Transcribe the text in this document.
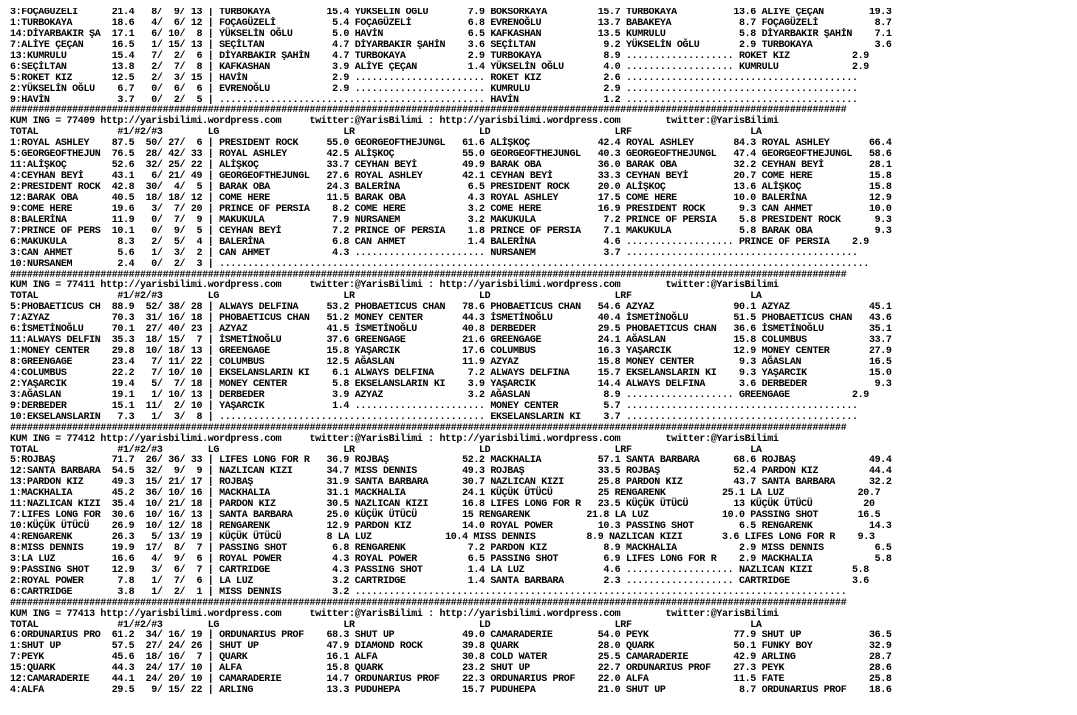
3:FOÇAGÜZELİ      21.4   8/  9/ 13 | TURBOKAYA          15.4 YÜKSELİN OĞLU       7.9 BOKSÖRKAYA         15.7 TURBOKAYA          13.6 ALİYE ÇEÇAN        19.3
1:TURBOKAYA       18.6   4/  6/ 12 | FOÇAGÜZELİ          5.4 FOÇAGÜZELİ          6.8 EVRENOĞLU          13.7 BABAKEYA            8.7 FOÇAGÜZELİ          8.7
14:DİYARBAKIR ŞA  17.1   6/ 10/  8 | YÜKSELİN OĞLU       5.0 HAVİN               6.5 KAFKASHAN          13.5 KUMRULU             5.8 DİYARBAKIR ŞAHİN    7.1
7:ALİYE ÇEÇAN     16.5   1/ 15/ 13 | SEÇİLTAN            4.7 DİYARBAKIR ŞAHİN    3.6 SEÇİLTAN            9.2 YÜKSELİN OĞLU       2.9 TURBOKAYA           3.6
13:KUMRULU        15.4   7/  2/  6 | DİYARBAKIR ŞAHİN    4.7 TURBOKAYA           2.9 TURBOKAYA           8.9 ................... ROKET KIZ           2.9
6:SEÇİLTAN        13.8   2/  7/  8 | KAFKASHAN           3.9 ALİYE ÇEÇAN         1.4 YÜKSELİN OĞLU       4.0 ................... KUMRULU             2.9
5:ROKET KIZ       12.5   2/  3/ 15 | HAVİN               2.9 ....................... ROKET KIZ           2.6 .........................................
2:YÜKSELİN OĞLU    6.7   0/  6/  6 | EVRENOĞLU           2.9 ....................... KUMRULU             2.9 .........................................
9:HAVİN            3.7   0/  2/  5 | ............................................... HAVİN               1.2 .........................................
####################################################################################################################################################
KUM ING = 77409 http://yarisbilimi.wordpress.com     twitter:@YarisBilimi : http://yarisbilimi.wordpress.com        twitter:@YarisBilimi
TOTAL              #1/#2/#3        LG                      LR                      LD                      LRF                     LA
1:ROYAL ASHLEY    87.5  50/ 27/  6 | PRESIDENT ROCK     55.0 GEORGEOFTHEJUNGL   61.6 ALİŞKOÇ            42.4 ROYAL ASHLEY       84.3 ROYAL ASHLEY       66.4
5:GEORGEOFTHEJUN  76.5  28/ 42/ 33 | ROYAL ASHLEY       42.5 ALİŞKOÇ            55.0 GEORGEOFTHEJUNGL   40.3 GEORGEOFTHEJUNGL   47.4 GEORGEOFTHEJUNGL   58.6
11:ALİŞKOÇ        52.6  32/ 25/ 22 | ALİŞKOÇ            33.7 CEYHAN BEYİ        49.9 BARAK OBA          36.0 BARAK OBA          32.2 CEYHAN BEYİ        28.1
4:CEYHAN BEYİ     43.1   6/ 21/ 49 | GEORGEOFTHEJUNGL   27.6 ROYAL ASHLEY       42.1 CEYHAN BEYİ        33.3 CEYHAN BEYİ        20.7 COME HERE          15.8
2:PRESIDENT ROCK  42.8  30/  4/  5 | BARAK OBA          24.3 BALERİNA            6.5 PRESIDENT ROCK     20.0 ALİŞKOÇ            13.6 ALİŞKOÇ            15.8
12:BARAK OBA      40.5  18/ 18/ 12 | COME HERE          11.5 BARAK OBA           4.3 ROYAL ASHLEY       17.5 COME HERE          10.0 BALERİNA           12.9
9:COME HERE       19.6   3/  7/ 20 | PRINCE OF PERSIA    8.2 COME HERE           3.2 COME HERE          16.9 PRESIDENT ROCK      9.3 CAN AHMET          10.0
8:BALERİNA        11.9   0/  7/  9 | MAKUKULA            7.9 NURSANEM            3.2 MAKUKULA            7.2 PRINCE OF PERSIA    5.8 PRESIDENT ROCK      9.3
7:PRINCE OF PERS  10.1   0/  9/  5 | CEYHAN BEYİ         7.2 PRINCE OF PERSIA    1.8 PRINCE OF PERSIA    7.1 MAKUKULA            5.8 BARAK OBA           9.3
6:MAKUKULA         8.3   2/  5/  4 | BALERİNA            6.8 CAN AHMET           1.4 BALERİNA            4.6 ................... PRINCE OF PERSIA    2.9
3:CAN AHMET        5.6   1/  3/  2 | CAN AHMET           4.3 ....................... NURSANEM            3.7 .........................................
10:NURSANEM        2.4   0/  2/  3 | ...................................................................................................................
####################################################################################################################################################
KUM ING = 77411 http://yarisbilimi.wordpress.com     twitter:@YarisBilimi : http://yarisbilimi.wordpress.com        twitter:@YarisBilimi
TOTAL              #1/#2/#3        LG                      LR                      LD                      LRF                     LA
5:PHOBAETICUS CH  88.9  52/ 38/ 28 | ALWAYS DELFINA     53.2 PHOBAETICUS CHAN   78.6 PHOBAETICUS CHAN   54.6 AZYAZ              90.1 AZYAZ              45.1
7:AZYAZ           70.3  31/ 16/ 18 | PHOBAETICUS CHAN   51.2 MONEY CENTER       44.3 İSMETİNOĞLU        40.4 İSMETİNOĞLU        51.5 PHOBAETICUS CHAN   43.6
6:İSMETİNOĞLU     70.1  27/ 40/ 23 | AZYAZ              41.5 İSMETİNOĞLU        40.8 DERBEDER           29.5 PHOBAETICUS CHAN   36.6 İSMETİNOĞLU        35.1
11:ALWAYS DELFIN  35.3  18/ 15/  7 | İSMETİNOĞLU        37.6 GREENGAGE          21.6 GREENGAGE          24.1 AĞASLAN            15.8 COLUMBUS           33.7
1:MONEY CENTER    29.8  10/ 18/ 13 | GREENGAGE          15.8 YAŞARCIK           17.6 COLUMBUS           16.3 YAŞARCIK           12.9 MONEY CENTER       27.9
8:GREENGAGE       23.4   7/ 11/ 22 | COLUMBUS           12.5 AĞASLAN            11.9 AZYAZ              15.8 MONEY CENTER        9.3 AĞASLAN            16.5
4:COLUMBUS        22.2   7/ 10/ 10 | EKSELANSLARIN KI    6.1 ALWAYS DELFINA      7.2 ALWAYS DELFINA     15.7 EKSELANSLARIN KI    9.3 YAŞARCIK           15.0
2:YAŞARCIK        19.4   5/  7/ 18 | MONEY CENTER        5.8 EKSELANSLARIN KI    3.9 YAŞARCIK           14.4 ALWAYS DELFINA      3.6 DERBEDER            9.3
3:AĞASLAN         19.1   1/ 10/ 13 | DERBEDER            3.9 AZYAZ               3.2 AĞASLAN             8.9 ................... GREENGAGE           2.9
9:DERBEDER        15.1  11/  2/ 10 | YAŞARCIK            1.4 ....................... MONEY CENTER        5.7 .........................................
10:EKSELANSLARIN   7.3   1/  3/  8 | ............................................... EKSELANSLARIN KI    3.7 .........................................
####################################################################################################################################################
KUM ING = 77412 http://yarisbilimi.wordpress.com     twitter:@YarisBilimi : http://yarisbilimi.wordpress.com        twitter:@YarisBilimi
TOTAL              #1/#2/#3        LG                      LR                      LD                      LRF                     LA
5:ROJBAŞ          71.7  26/ 36/ 33 | LIFES LONG FOR R   36.9 ROJBAŞ             52.2 MACKHALIA          57.1 SANTA BARBARA      68.6 ROJBAŞ             49.4
12:SANTA BARBARA  54.5  32/  9/  9 | NAZLICAN KIZI      34.7 MISS DENNIS        49.3 ROJBAŞ             33.5 ROJBAŞ             52.4 PARDON KIZ         44.4
13:PARDON KIZ     49.3  15/ 21/ 17 | ROJBAŞ             31.9 SANTA BARBARA      30.7 NAZLICAN KIZI      25.8 PARDON KIZ         43.7 SANTA BARBARA      32.2
1:MACKHALIA       45.2  36/ 10/ 16 | MACKHALIA          31.1 MACKHALIA          24.1 KÜÇÜK ÜTÜCÜ        25 RENGARENK          25.1 LA LUZ             20.7
11:NAZLICAN KIZI  35.4  10/ 21/ 18 | PARDON KIZ         30.5 NAZLICAN KIZI      16.8 LIFES LONG FOR R   23.5 KÜÇÜK ÜTÜCÜ        13 KÜÇÜK ÜTÜCÜ         20
7:LIFES LONG FOR  30.6  10/ 16/ 13 | SANTA BARBARA      25.0 KÜÇÜK ÜTÜCÜ        15 RENGARENK          21.8 LA LUZ             10.0 PASSING SHOT       16.5
10:KÜÇÜK ÜTÜCÜ    26.9  10/ 12/ 18 | RENGARENK          12.9 PARDON KIZ         14.0 ROYAL POWER        10.3 PASSING SHOT        6.5 RENGARENK          14.3
4:RENGARENK       26.3   5/ 13/ 19 | KÜÇÜK ÜTÜCÜ        8 LA LUZ             10.4 MISS DENNIS         8.9 NAZLICAN KIZI       3.6 LIFES LONG FOR R    9.3
8:MISS DENNIS     19.9  17/  8/  7 | PASSING SHOT        6.8 RENGARENK           7.2 PARDON KIZ          8.9 MACKHALIA           2.9 MISS DENNIS         6.5
3:LA LUZ          16.6   4/  9/  6 | ROYAL POWER         4.3 ROYAL POWER         6.5 PASSING SHOT        6.9 LIFES LONG FOR R    2.9 MACKHALIA           5.8
9:PASSING SHOT    12.9   3/  6/  7 | CARTRIDGE           4.3 PASSING SHOT        1.4 LA LUZ              4.6 ................... NAZLICAN KIZI       5.8
2:ROYAL POWER      7.8   1/  7/  6 | LA LUZ              3.2 CARTRIDGE           1.4 SANTA BARBARA       2.3 ................... CARTRIDGE           3.6
6:CARTRIDGE        3.8   1/  2/  1 | MISS DENNIS         3.2 .......................................................................................
####################################################################################################################################################
KUM ING = 77413 http://yarisbilimi.wordpress.com     twitter:@YarisBilimi : http://yarisbilimi.wordpress.com        twitter:@YarisBilimi
TOTAL              #1/#2/#3        LG                      LR                      LD                      LRF                     LA
6:ORDUNARIUS PRO  61.2  34/ 16/ 19 | ORDUNARIUS PROF    68.3 SHUT UP            49.0 CAMARADERIE        54.0 PEYK               77.9 SHUT UP            36.5
1:SHUT UP         57.5  27/ 24/ 26 | SHUT UP            47.9 DIAMOND ROCK       39.8 QUARK              28.0 QUARK              50.1 FUNKY BOY          32.9
7:PEYK            45.6  18/ 16/  7 | QUARK              16.1 ALFA               30.8 COLD WATER         25.5 CAMARADERIE        42.9 ARLING             28.7
15:QUARK          44.3  24/ 17/ 10 | ALFA               15.8 QUARK              23.2 SHUT UP            22.7 ORDUNARIUS PROF    27.3 PEYK               28.6
12:CAMARADERIE    44.1  24/ 20/ 10 | CAMARADERIE        14.7 ORDUNARIUS PROF    22.3 ORDUNARIUS PROF    22.0 ALFA               11.5 FATE               25.8
4:ALFA            29.5   9/ 15/ 22 | ARLING             13.3 PUDUHEPA           15.7 PUDUHEPA           21.0 SHUT UP             8.7 ORDUNARIUS PROF    18.6
